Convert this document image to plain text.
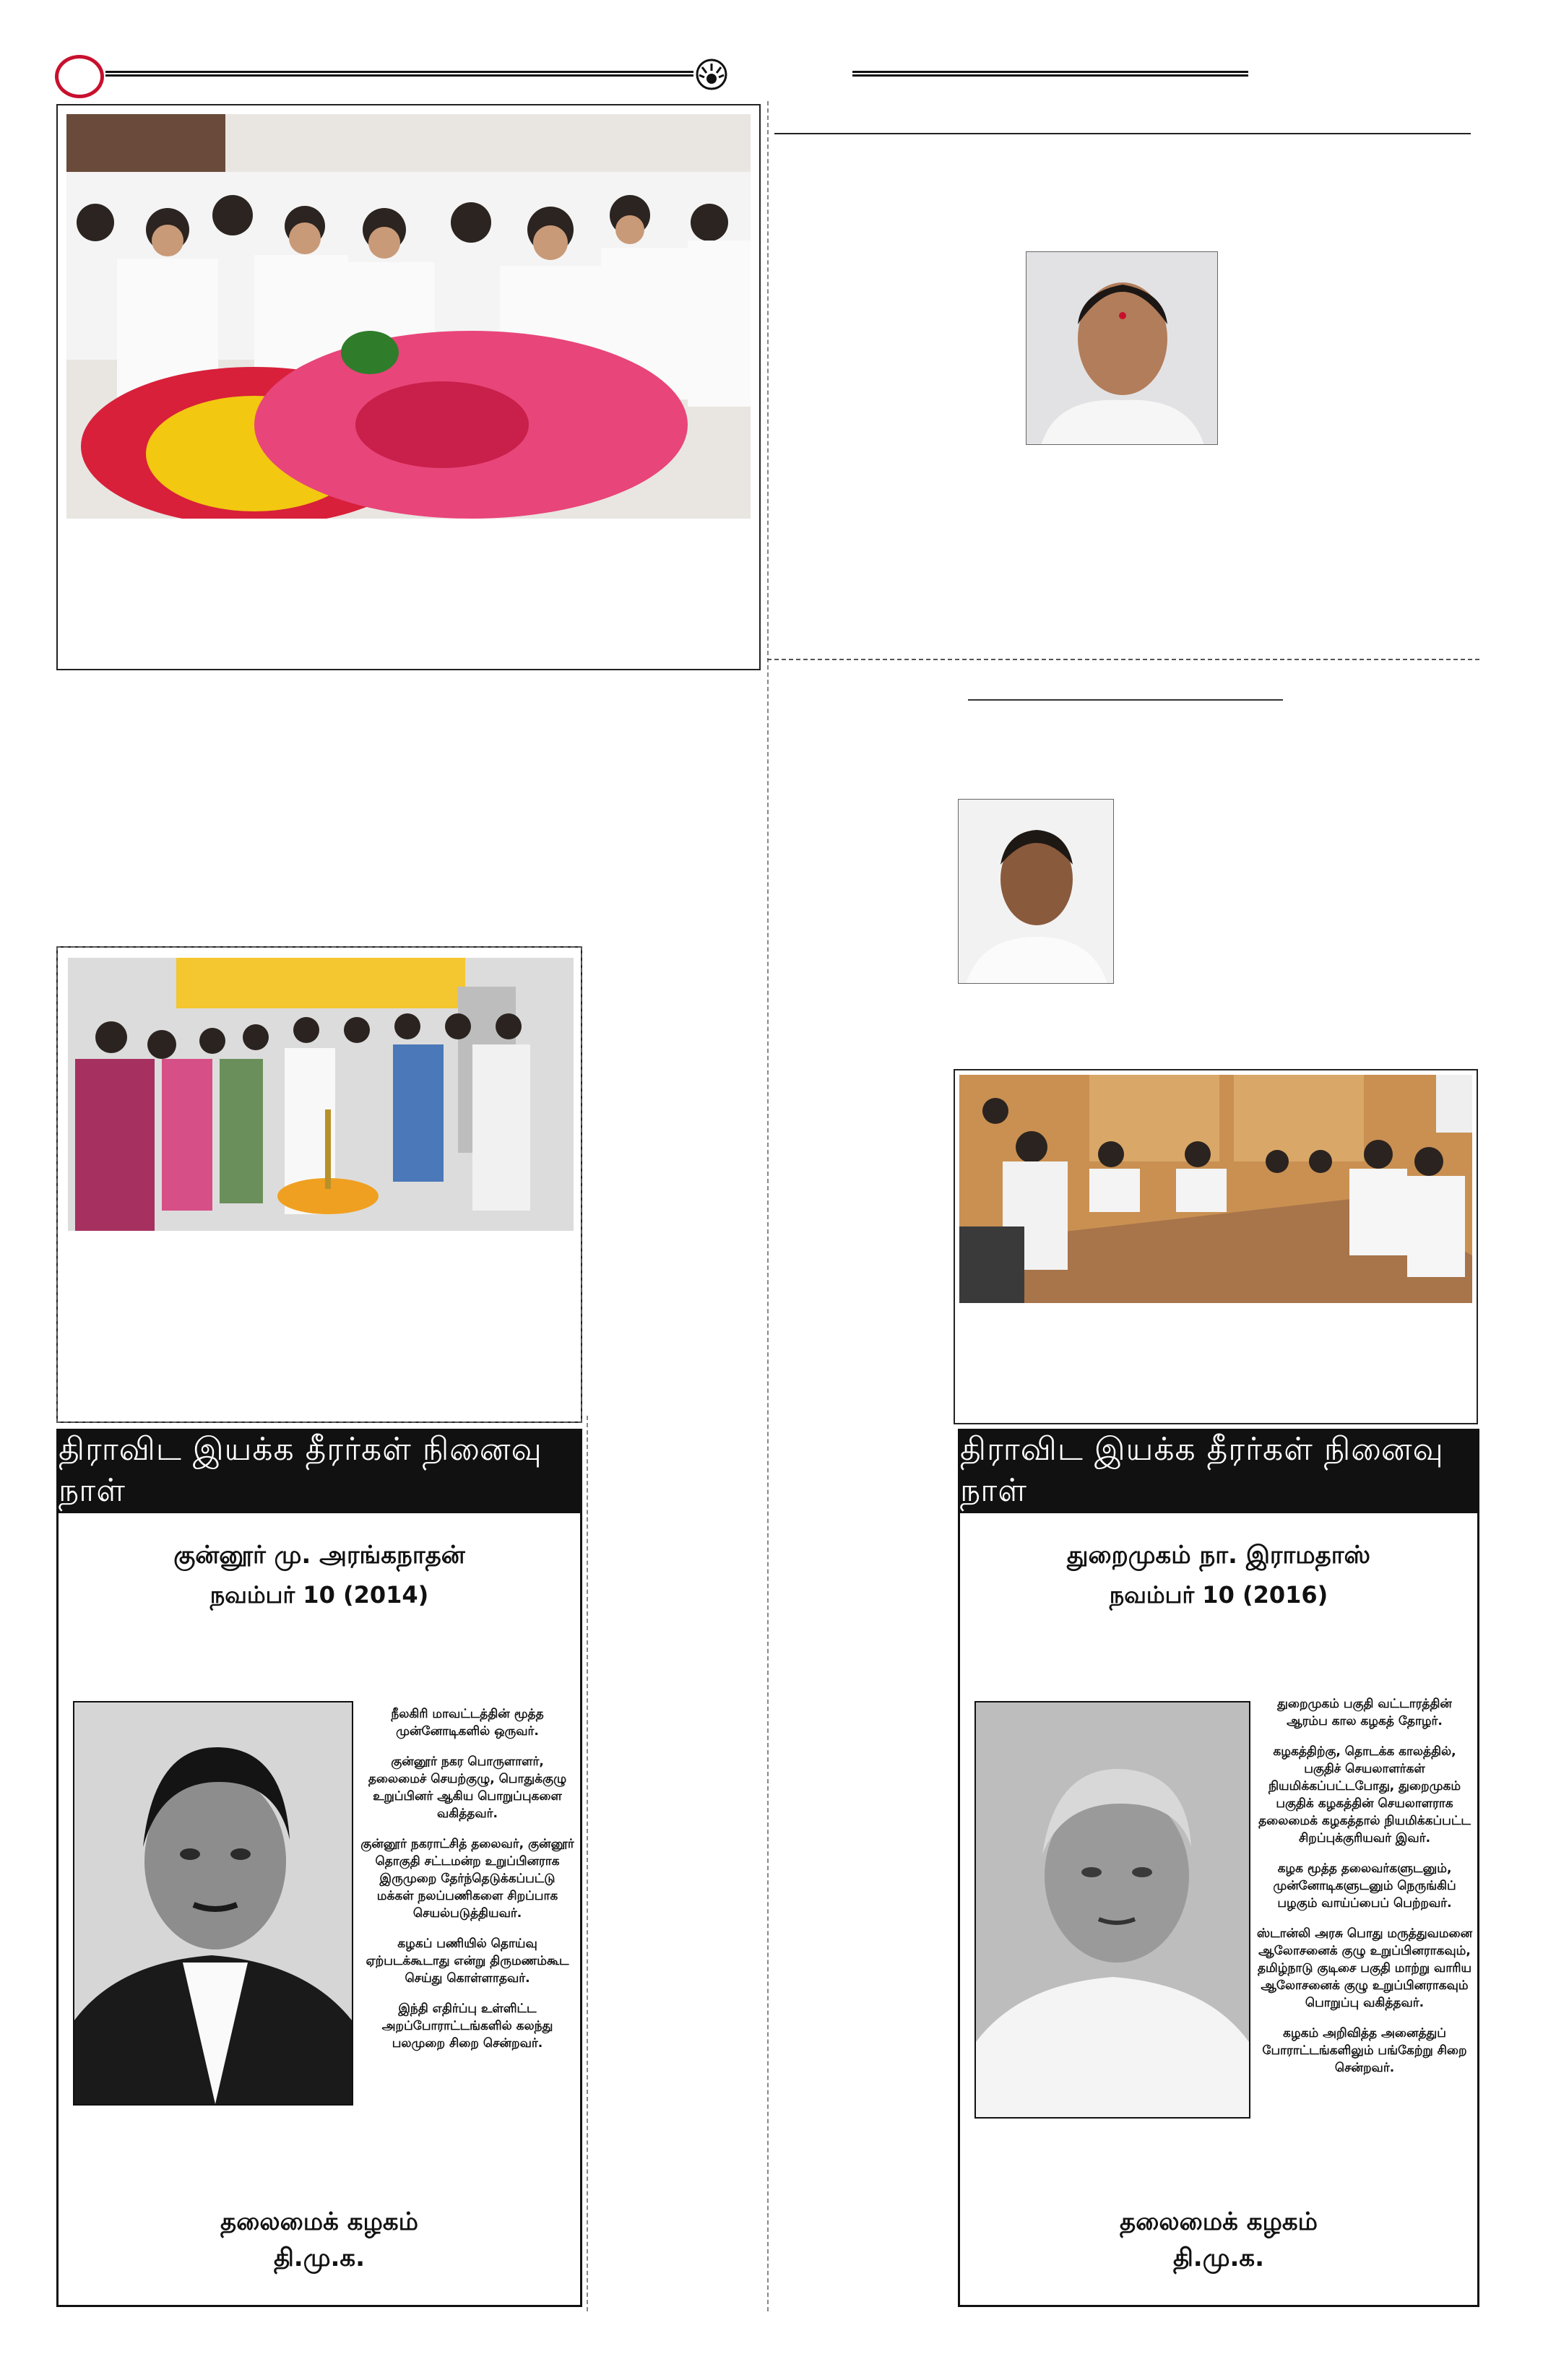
திராவிட இயக்க தீரர்கள் நினைவு நாள்
குன்னூர் மு. அரங்கநாதன்
நவம்பர் 10 (2014)

நீலகிரி மாவட்டத்தின் மூத்த முன்னோடிகளில் ஒருவர்.

குன்னூர் நகர பொருளாளர், தலைமைச் செயற்குழு, பொதுக்குழு உறுப்பினர் ஆகிய பொறுப்புகளை வகித்தவர்.

குன்னூர் நகராட்சித் தலைவர், குன்னூர் தொகுதி சட்டமன்ற உறுப்பினராக இருமுறை தேர்ந்தெடுக்கப்பட்டு மக்கள் நலப்பணிகளை சிறப்பாக செயல்படுத்தியவர்.

கழகப் பணியில் தொய்வு ஏற்படக்கூடாது என்று திருமணம்கூட செய்து கொள்ளாதவர்.

இந்தி எதிர்ப்பு உள்ளிட்ட அறப்போராட்டங்களில் கலந்து பலமுறை சிறை சென்றவர்.

தலைமைக் கழகம்
தி.மு.க.
திராவிட இயக்க தீரர்கள் நினைவு நாள்
துறைமுகம் நா. இராமதாஸ்
நவம்பர் 10 (2016)

துறைமுகம் பகுதி வட்டாரத்தின் ஆரம்ப கால கழகத் தோழர்.

கழகத்திற்கு, தொடக்க காலத்தில், பகுதிச் செயலாளர்கள் நியமிக்கப்பட்டபோது, துறைமுகம் பகுதிக் கழகத்தின் செயலாளராக தலைமைக் கழகத்தால் நியமிக்கப்பட்ட சிறப்புக்குரியவர் இவர்.

கழக மூத்த தலைவர்களுடனும், முன்னோடிகளுடனும் நெருங்கிப் பழகும் வாய்ப்பைப் பெற்றவர்.

ஸ்டான்லி அரசு பொது மருத்துவமனை ஆலோசனைக் குழு உறுப்பினராகவும், தமிழ்நாடு குடிசை பகுதி மாற்று வாரிய ஆலோசனைக் குழு உறுப்பினராகவும் பொறுப்பு வகித்தவர்.

கழகம் அறிவித்த அனைத்துப் போராட்டங்களிலும் பங்கேற்று சிறை சென்றவர்.

தலைமைக் கழகம்
தி.மு.க.
